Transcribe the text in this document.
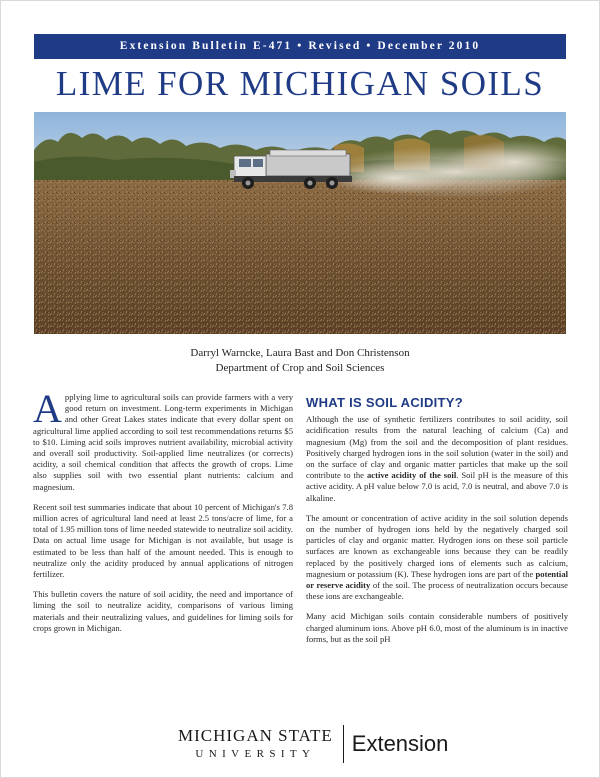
Extension Bulletin E-471 • Revised • December 2010
LIME FOR MICHIGAN SOILS
Darryl Warncke, Laura Bast and Don Christenson
Department of Crop and Soil Sciences

Applying lime to agricultural soils can provide farmers with a very good return on investment. Long-term experiments in Michigan and other Great Lakes states indicate that every dollar spent on agricultural lime applied according to soil test recommendations returns $5 to $10. Liming acid soils improves nutrient availability, microbial activity and overall soil productivity. Soil-applied lime neutralizes (or corrects) acidity, a soil chemical condition that affects the growth of crops. Lime also supplies soil with two essential plant nutrients: calcium and magnesium.

Recent soil test summaries indicate that about 10 percent of Michigan's 7.8 million acres of agricultural land need at least 2.5 tons/acre of lime, for a total of 1.95 million tons of lime needed statewide to neutralize soil acidity. Data on actual lime usage for Michigan is not available, but usage is estimated to be less than half of the amount needed. This is enough to neutralize only the acidity produced by annual applications of nitrogen fertilizer.

This bulletin covers the nature of soil acidity, the need and importance of liming the soil to neutralize acidity, comparisons of various liming materials and their neutralizing values, and guidelines for liming soils for crops grown in Michigan.

WHAT IS SOIL ACIDITY?

Although the use of synthetic fertilizers contributes to soil acidity, soil acidification results from the natural leaching of calcium (Ca) and magnesium (Mg) from the soil and the decomposition of plant residues. Positively charged hydrogen ions in the soil solution (water in the soil) and on the surface of clay and organic matter particles that make up the soil contribute to the active acidity of the soil. Soil pH is the measure of this active acidity. A pH value below 7.0 is acid, 7.0 is neutral, and above 7.0 is alkaline.

The amount or concentration of active acidity in the soil solution depends on the number of hydrogen ions held by the negatively charged soil particles of clay and organic matter. Hydrogen ions on these soil particle surfaces are known as exchangeable ions because they can be readily replaced by the positively charged ions of elements such as calcium, magnesium or potassium (K). These hydrogen ions are part of the potential or reserve acidity of the soil. The process of neutralization occurs because these ions are exchangeable.

Many acid Michigan soils contain considerable numbers of positively charged aluminum ions. Above pH 6.0, most of the aluminum is in inactive forms, but as the soil pH

MICHIGAN STATE
UNIVERSITY Extension
